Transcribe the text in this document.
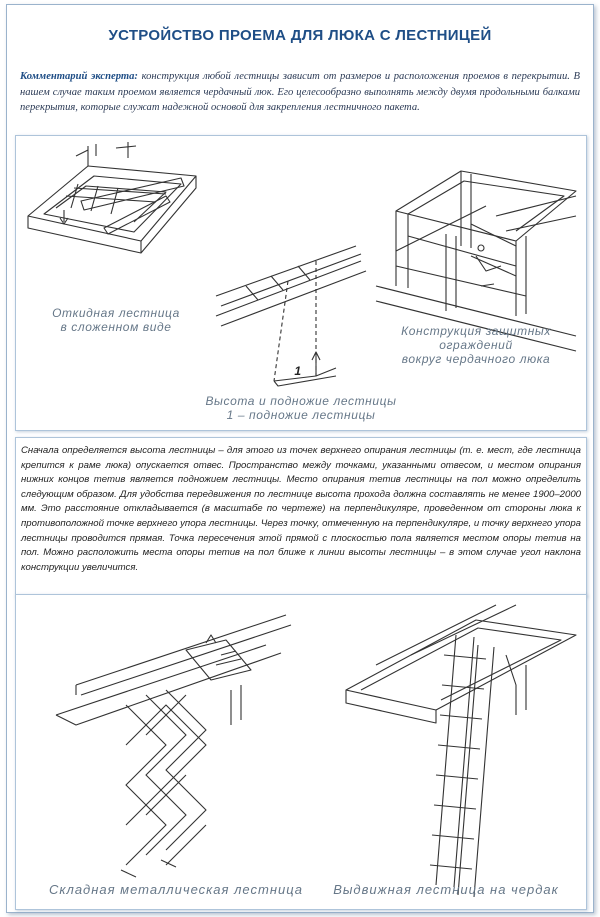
УСТРОЙСТВО ПРОЕМА ДЛЯ ЛЮКА С ЛЕСТНИЦЕЙ
Комментарий эксперта: конструкция любой лестницы зависит от размеров и расположения проемов в перекрытии. В нашем случае таким проемом является чердачный люк. Его целесообразно выполнять между двумя продольными балками перекрытия, которые служат надежной основой для закрепления лестничного пакета.
Откидная лестница
в сложенном виде	Конструкция защитных ограждений
вокруг чердачного люка
Высота и подножие лестницы
1 – подножие лестницы
1
Сначала определяется высота лестницы – для этого из точек верхнего опирания лестницы (т. е. мест, где лестница крепится к раме люка) опускается отвес. Пространство между точками, указанными отвесом, и местом опирания нижних концов тетив является подножием лестницы. Место опирания тетив лестницы на пол можно определить следующим образом. Для удобства передвижения по лестнице высота прохода должна составлять не менее 1900–2000 мм. Это расстояние откладывается (в масштабе по чертеже) на перпендикуляре, проведенном от стороны люка к противоположной точке верхнего упора лестницы. Через точку, отмеченную на перпендикуляре, и точку верхнего упора лестницы проводится прямая. Точка пересечения этой прямой с плоскостью пола является местом опоры тетив на пол. Можно расположить места опоры тетив на пол ближе к линии высоты лестницы – в этом случае угол наклона конструкции увеличится.
Складная металлическая лестница	Выдвижная лестница на чердак
